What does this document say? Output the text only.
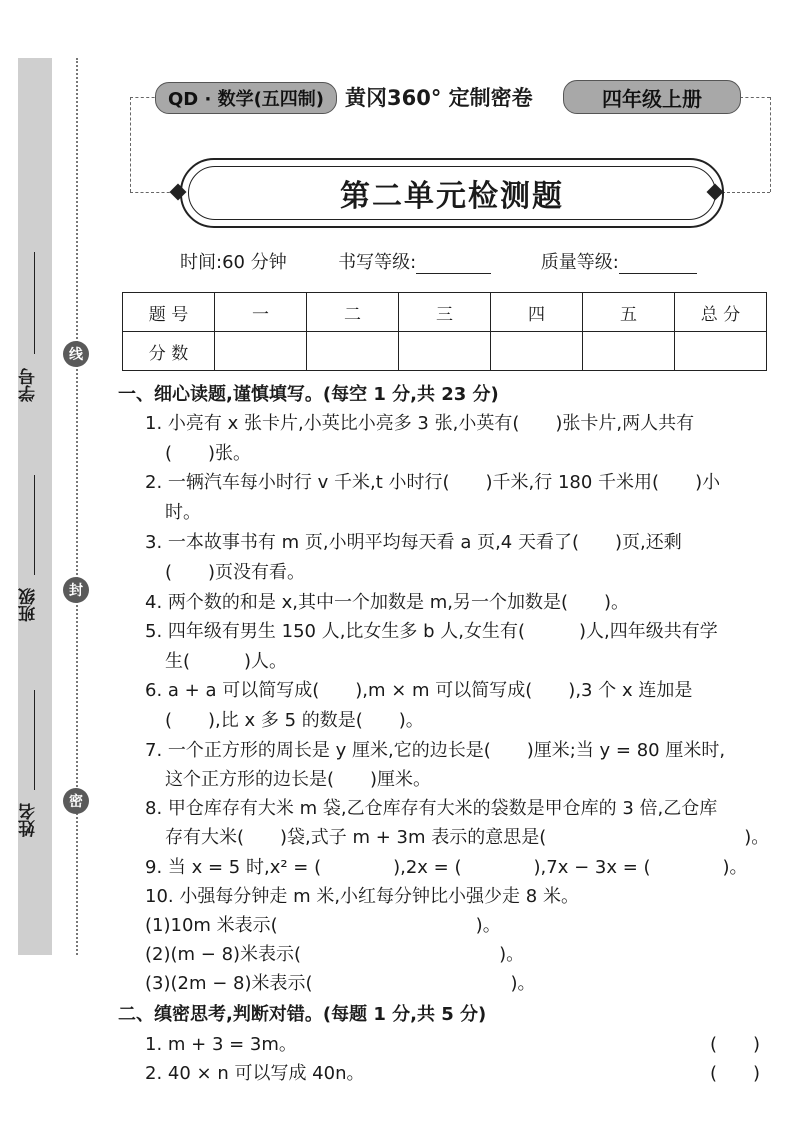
线
封
密
学号
班级
姓名
QD · 数学(五四制) 黄冈360° 定制密卷	四年级上册
第二单元检测题
时间:60 分钟	书写等级:	质量等级:
题 号	一	二	三	四	五	总 分
分 数						
一、细心读题,谨慎填写。(每空 1 分,共 23 分)
1. 小亮有 x 张卡片,小英比小亮多 3 张,小英有(　　)张卡片,两人共有
(　　)张。
2. 一辆汽车每小时行 v 千米,t 小时行(　　)千米,行 180 千米用(　　)小
时。
3. 一本故事书有 m 页,小明平均每天看 a 页,4 天看了(　　)页,还剩
(　　)页没有看。
4. 两个数的和是 x,其中一个加数是 m,另一个加数是(　　)。
5. 四年级有男生 150 人,比女生多 b 人,女生有(　　　)人,四年级共有学
生(　　　)人。
6. a + a 可以简写成(　　),m × m 可以简写成(　　),3 个 x 连加是
(　　),比 x 多 5 的数是(　　)。
7. 一个正方形的周长是 y 厘米,它的边长是(　　)厘米;当 y = 80 厘米时,
这个正方形的边长是(　　)厘米。
8. 甲仓库存有大米 m 袋,乙仓库存有大米的袋数是甲仓库的 3 倍,乙仓库
存有大米(　　)袋,式子 m + 3m 表示的意思是(　　　　　　　　　　　)。
9. 当 x = 5 时,x² = (　　　　),2x = (　　　　),7x − 3x = (　　　　)。
10. 小强每分钟走 m 米,小红每分钟比小强少走 8 米。
(1)10m 米表示(　　　　　　　　　　　)。
(2)(m − 8)米表示(　　　　　　　　　　　)。
(3)(2m − 8)米表示(　　　　　　　　　　　)。
二、缜密思考,判断对错。(每题 1 分,共 5 分)
1. m + 3 = 3m。	(　　)
2. 40 × n 可以写成 40n。	(　　)
